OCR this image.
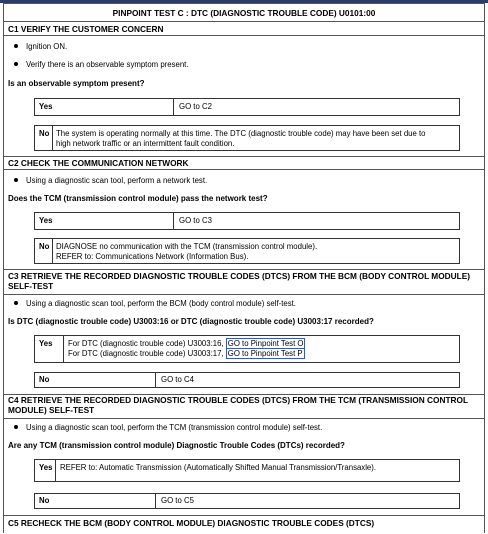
PINPOINT TEST C : DTC (DIAGNOSTIC TROUBLE CODE) U0101:00
C1 VERIFY THE CUSTOMER CONCERN
Ignition ON.
Verify there is an observable symptom present.
Is an observable symptom present?
Yes	GO to C2
No The system is operating normally at this time. The DTC (diagnostic trouble code) may have been set due to
high network traffic or an intermittent fault condition.
C2 CHECK THE COMMUNICATION NETWORK
Using a diagnostic scan tool, perform a network test.
Does the TCM (transmission control module) pass the network test?
Yes	GO to C3
No DIAGNOSE no communication with the TCM (transmission control module).
REFER to: Communications Network (Information Bus).
C3 RETRIEVE THE RECORDED DIAGNOSTIC TROUBLE CODES (DTCS) FROM THE BCM (BODY CONTROL MODULE)
SELF-TEST
Using a diagnostic scan tool, perform the BCM (body control module) self-test.
Is DTC (diagnostic trouble code) U3003:16 or DTC (diagnostic trouble code) U3003:17 recorded?
Yes For DTC (diagnostic trouble code) U3003:16, GO to Pinpoint Test O
For DTC (diagnostic trouble code) U3003:17, GO to Pinpoint Test P
No	GO to C4
C4 RETRIEVE THE RECORDED DIAGNOSTIC TROUBLE CODES (DTCS) FROM THE TCM (TRANSMISSION CONTROL
MODULE) SELF-TEST
Using a diagnostic scan tool, perform the TCM (transmission control module) self-test.
Are any TCM (transmission control module) Diagnostic Trouble Codes (DTCs) recorded?
Yes REFER to: Automatic Transmission (Automatically Shifted Manual Transmission/Transaxle).
No	GO to C5
C5 RECHECK THE BCM (BODY CONTROL MODULE) DIAGNOSTIC TROUBLE CODES (DTCS)
